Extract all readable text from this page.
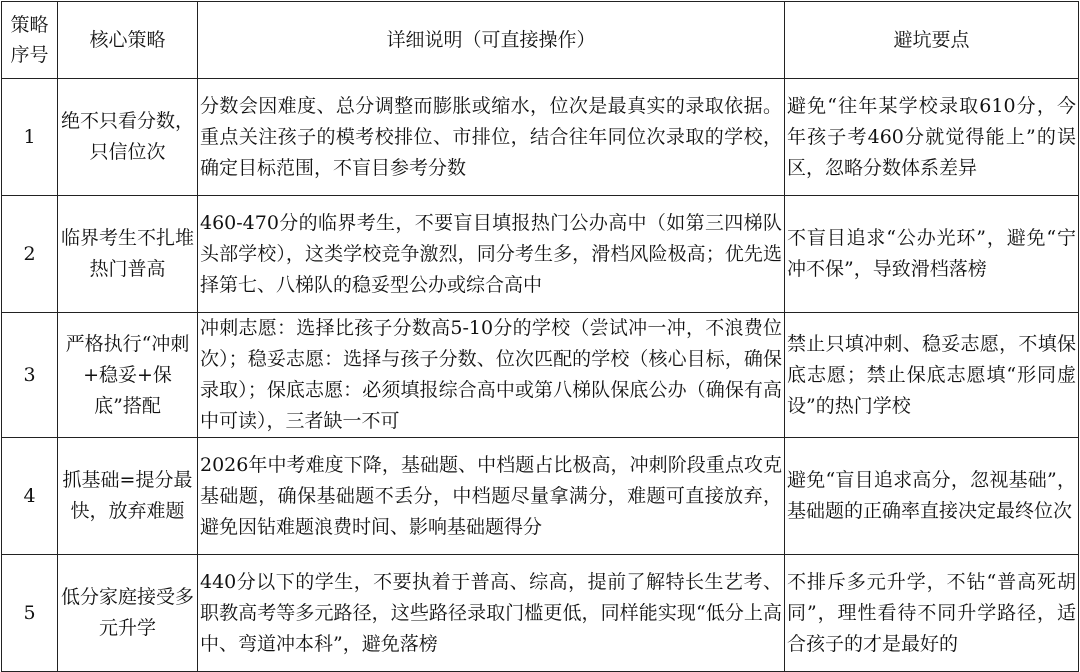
策略序号	核心策略	详细说明（可直接操作）	避坑要点
1	绝不只看分数，只信位次	分数会因难度、总分调整而膨胀或缩水，位次是最真实的录取依据。重点关注孩子的模考校排位、市排位，结合往年同位次录取的学校，确定目标范围，不盲目参考分数	避免“往年某学校录取610分，今年孩子考460分就觉得能上”的误区，忽略分数体系差异
2	临界考生不扎堆热门普高	460-470分的临界考生，不要盲目填报热门公办高中（如第三四梯队头部学校），这类学校竞争激烈，同分考生多，滑档风险极高；优先选择第七、八梯队的稳妥型公办或综合高中	不盲目追求“公办光环”，避免“宁冲不保”，导致滑档落榜
3	严格执行“冲刺+稳妥+保底”搭配	冲刺志愿：选择比孩子分数高5-10分的学校（尝试冲一冲，不浪费位次）；稳妥志愿：选择与孩子分数、位次匹配的学校（核心目标，确保录取）；保底志愿：必须填报综合高中或第八梯队保底公办（确保有高中可读），三者缺一不可	禁止只填冲刺、稳妥志愿，不填保底志愿；禁止保底志愿填“形同虚设”的热门学校
4	抓基础=提分最快，放弃难题	2026年中考难度下降，基础题、中档题占比极高，冲刺阶段重点攻克基础题，确保基础题不丢分，中档题尽量拿满分，难题可直接放弃，避免因钻难题浪费时间、影响基础题得分	避免“盲目追求高分，忽视基础”，基础题的正确率直接决定最终位次
5	低分家庭接受多元升学	440分以下的学生，不要执着于普高、综高，提前了解特长生艺考、职教高考等多元路径，这些路径录取门槛更低，同样能实现“低分上高中、弯道冲本科”，避免落榜	不排斥多元升学，不钻“普高死胡同”，理性看待不同升学路径，适合孩子的才是最好的
